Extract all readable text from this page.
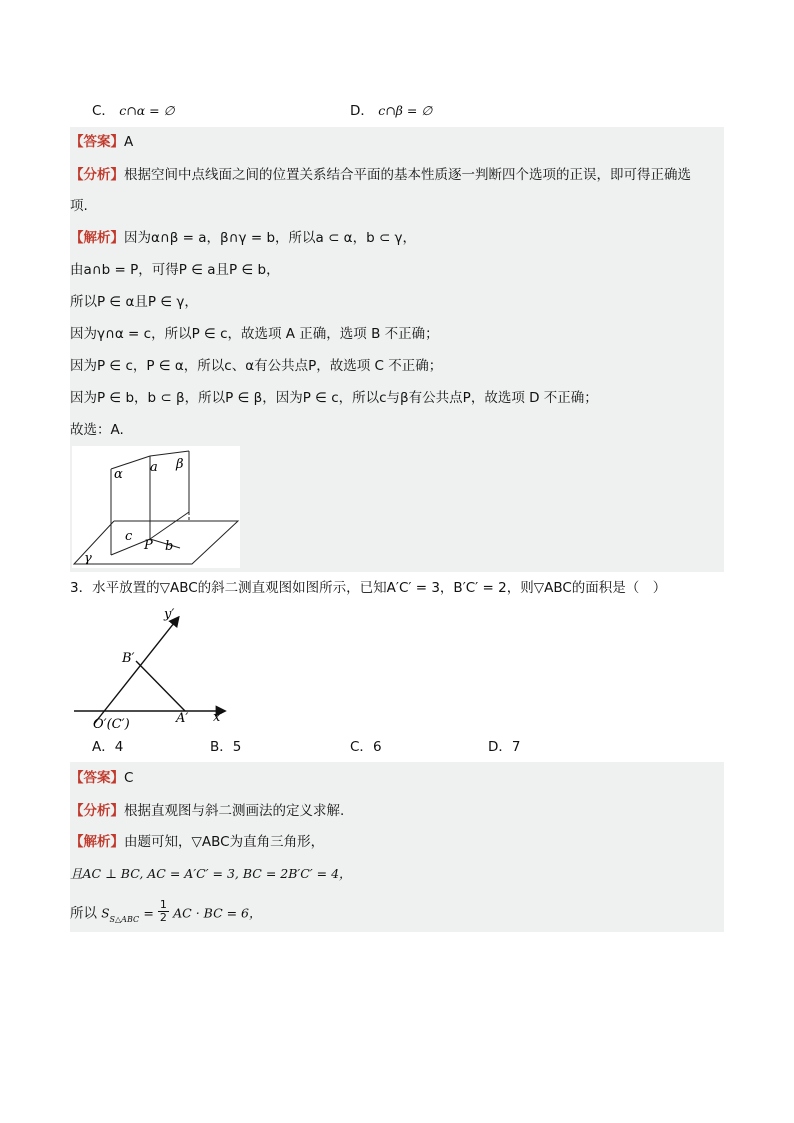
C． c∩α = ∅	D． c∩β = ∅
【答案】A
【分析】根据空间中点线面之间的位置关系结合平面的基本性质逐一判断四个选项的正误，即可得正确选
项.
【解析】因为α∩β = a，β∩γ = b，所以a ⊂ α，b ⊂ γ，
由a∩b = P，可得P ∈ a且P ∈ b，
所以P ∈ α且P ∈ γ，
因为γ∩α = c，所以P ∈ c，故选项 A 正确，选项 B 不正确；
因为P ∈ c，P ∈ α，所以c、α有公共点P，故选项 C 不正确；
因为P ∈ b，b ⊂ β，所以P ∈ β，因为P ∈ c，所以c与β有公共点P，故选项 D 不正确；
故选：A.
α a β
c
P b
γ
3．水平放置的▽ABC的斜二测直观图如图所示，已知A′C′ = 3，B′C′ = 2，则▽ABC的面积是（　）
y′
B′
O′(C′)	A′ x′
A．4	B．5	C．6	D．7
【答案】C
【分析】根据直观图与斜二测画法的定义求解.
【解析】由题可知，▽ABC为直角三角形，
且AC ⊥ BC, AC = A′C′ = 3, BC = 2B′C′ = 4，
所以 $S_{S\triangle ABC} = \frac{1}{2}$ AC · BC = 6，
